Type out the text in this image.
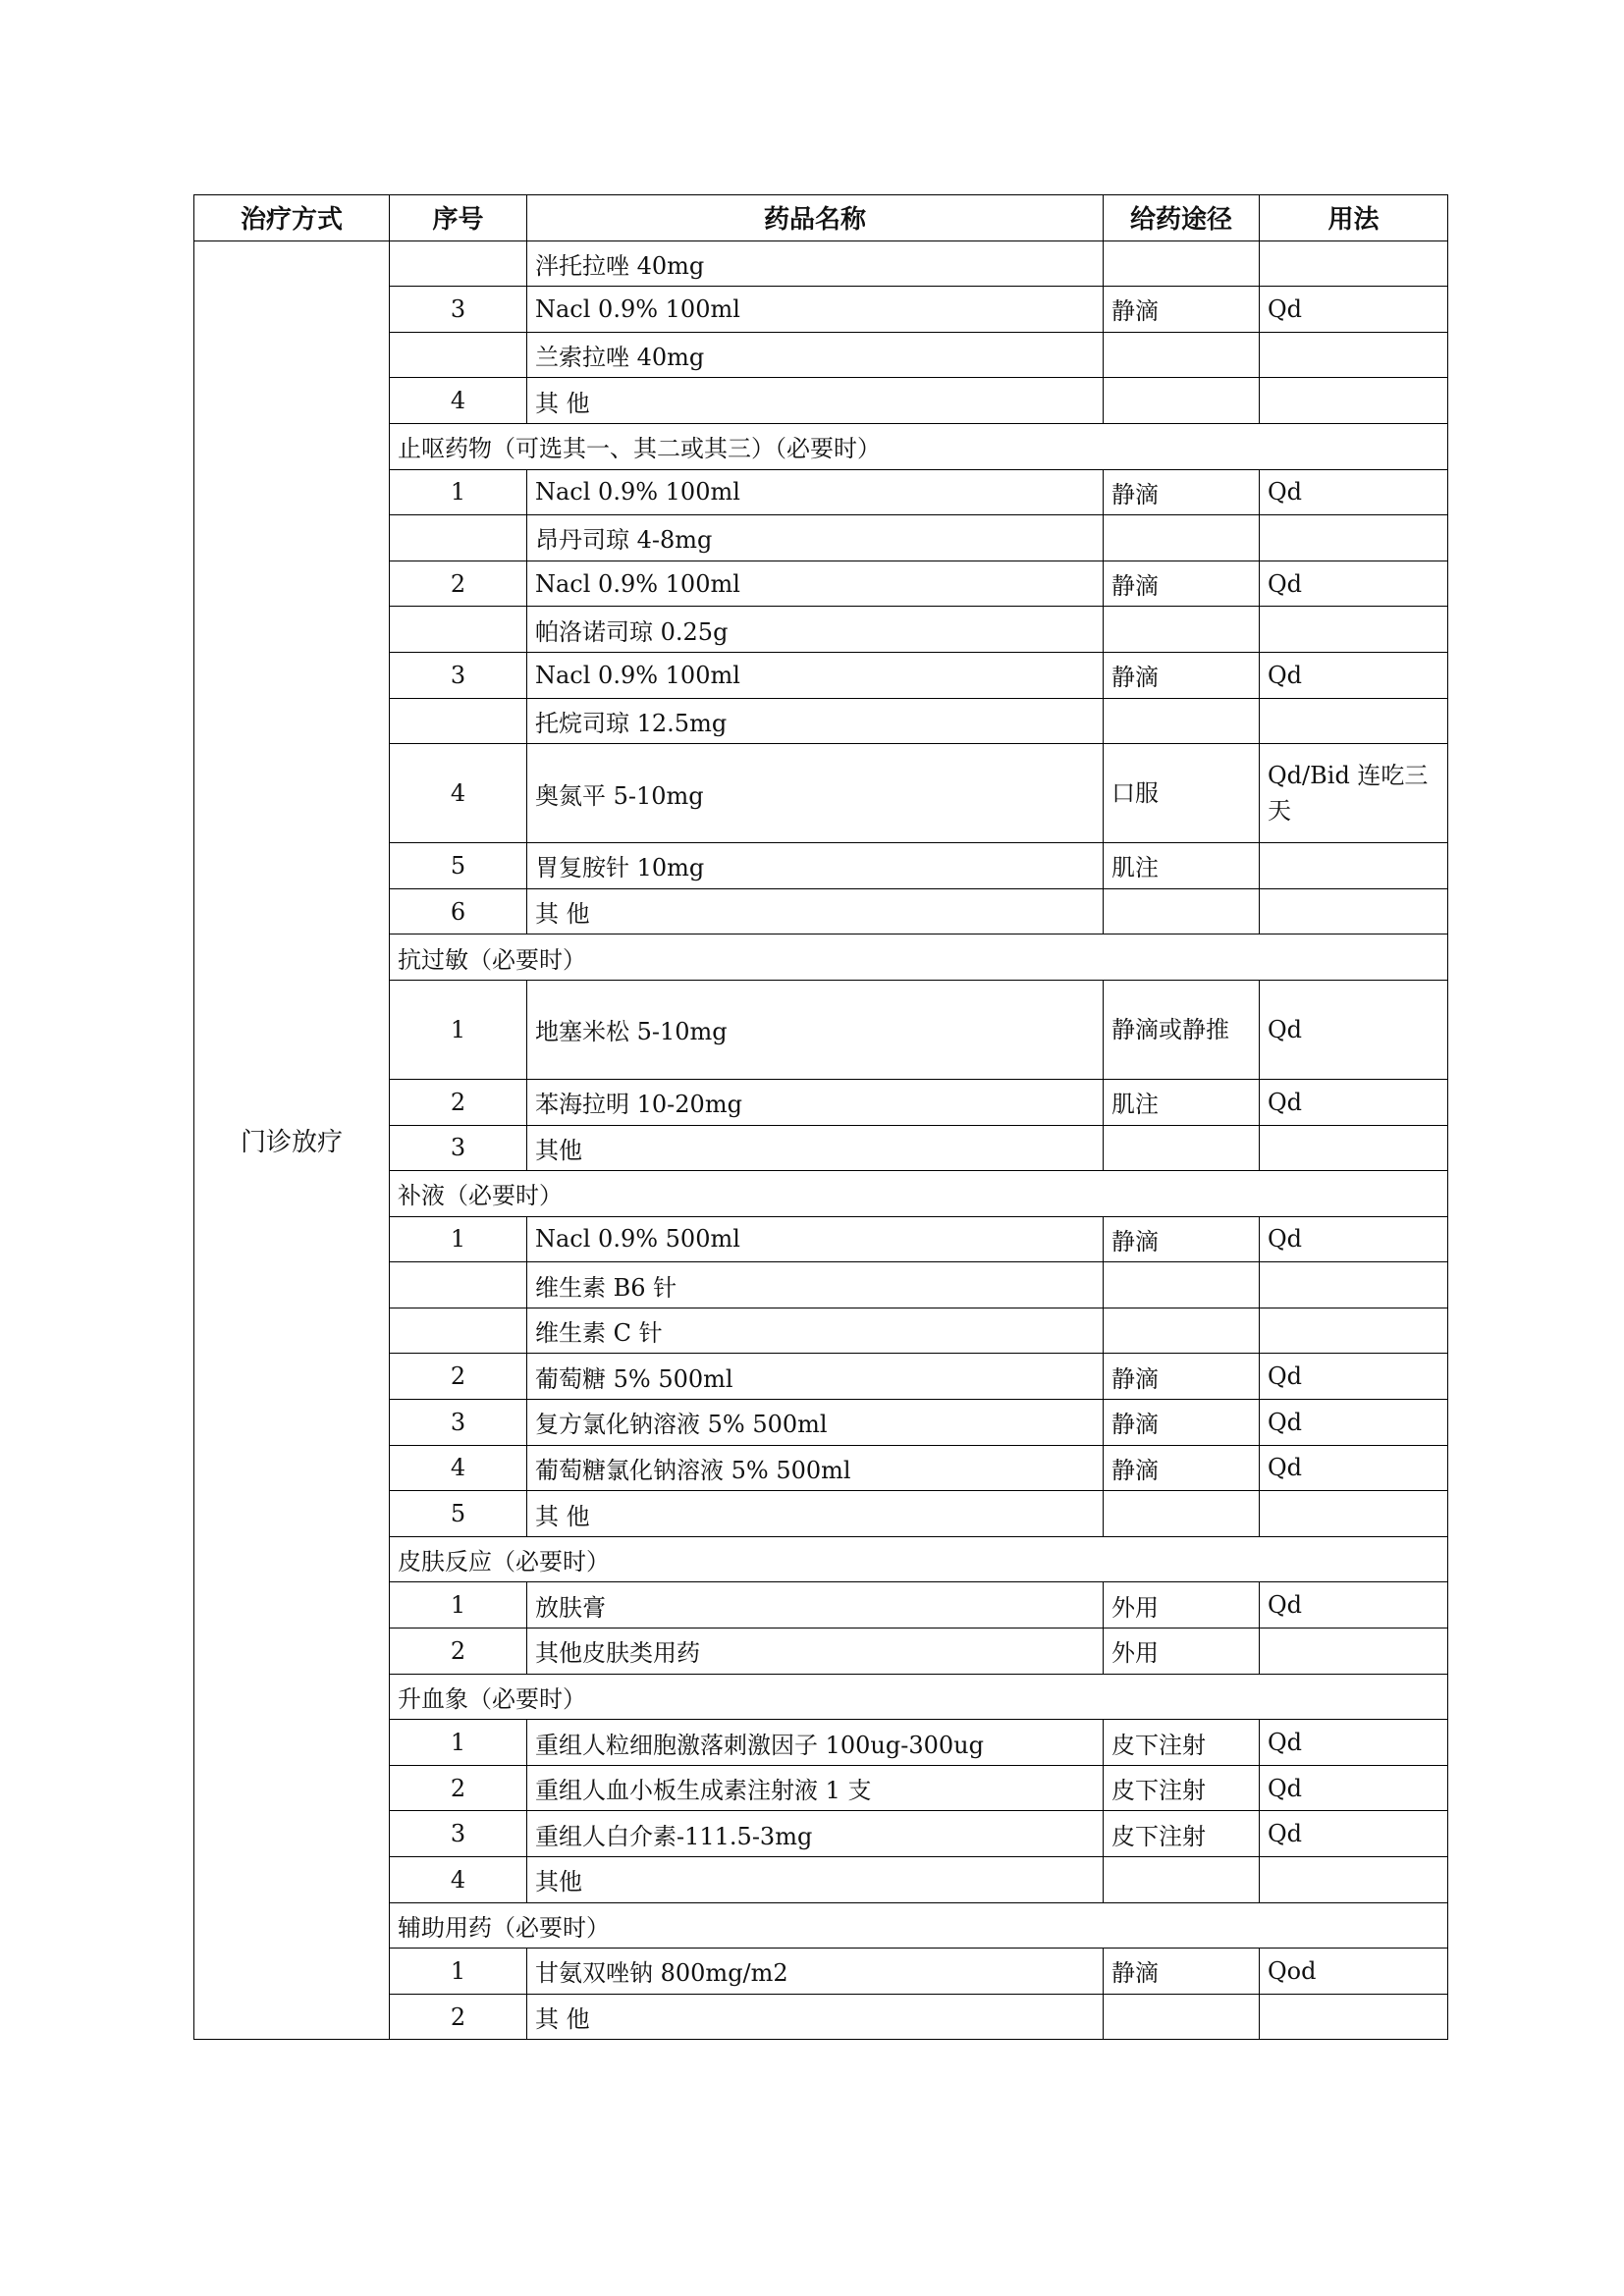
治疗方式	序号	药品名称	给药途径	用法
门诊放疗		泮托拉唑 40mg		
	3	Nacl 0.9% 100ml	静滴	Qd
		兰索拉唑 40mg		
	4	其 他		
	止呕药物（可选其一、其二或其三）（必要时）			
	1	Nacl 0.9% 100ml	静滴	Qd
		昂丹司琼 4-8mg		
	2	Nacl 0.9% 100ml	静滴	Qd
		帕洛诺司琼 0.25g		
	3	Nacl 0.9% 100ml	静滴	Qd
		托烷司琼 12.5mg		
	4	奥氮平 5-10mg	口服	Qd/Bid 连吃三天
	5	胃复胺针 10mg	肌注	
	6	其 他		
	抗过敏（必要时）			
	1	地塞米松 5-10mg	静滴或静推	Qd
	2	苯海拉明 10-20mg	肌注	Qd
	3	其他		
	补液（必要时）			
	1	Nacl 0.9% 500ml	静滴	Qd
		维生素 B6 针		
		维生素 C 针		
	2	葡萄糖 5% 500ml	静滴	Qd
	3	复方氯化钠溶液 5% 500ml	静滴	Qd
	4	葡萄糖氯化钠溶液 5% 500ml	静滴	Qd
	5	其 他		
	皮肤反应（必要时）			
	1	放肤膏	外用	Qd
	2	其他皮肤类用药	外用	
	升血象（必要时）			
	1	重组人粒细胞激落刺激因子 100ug-300ug	皮下注射	Qd
	2	重组人血小板生成素注射液 1 支	皮下注射	Qd
	3	重组人白介素-111.5-3mg	皮下注射	Qd
	4	其他		
	辅助用药（必要时）			
	1	甘氨双唑钠 800mg/m2	静滴	Qod
	2	其 他		
